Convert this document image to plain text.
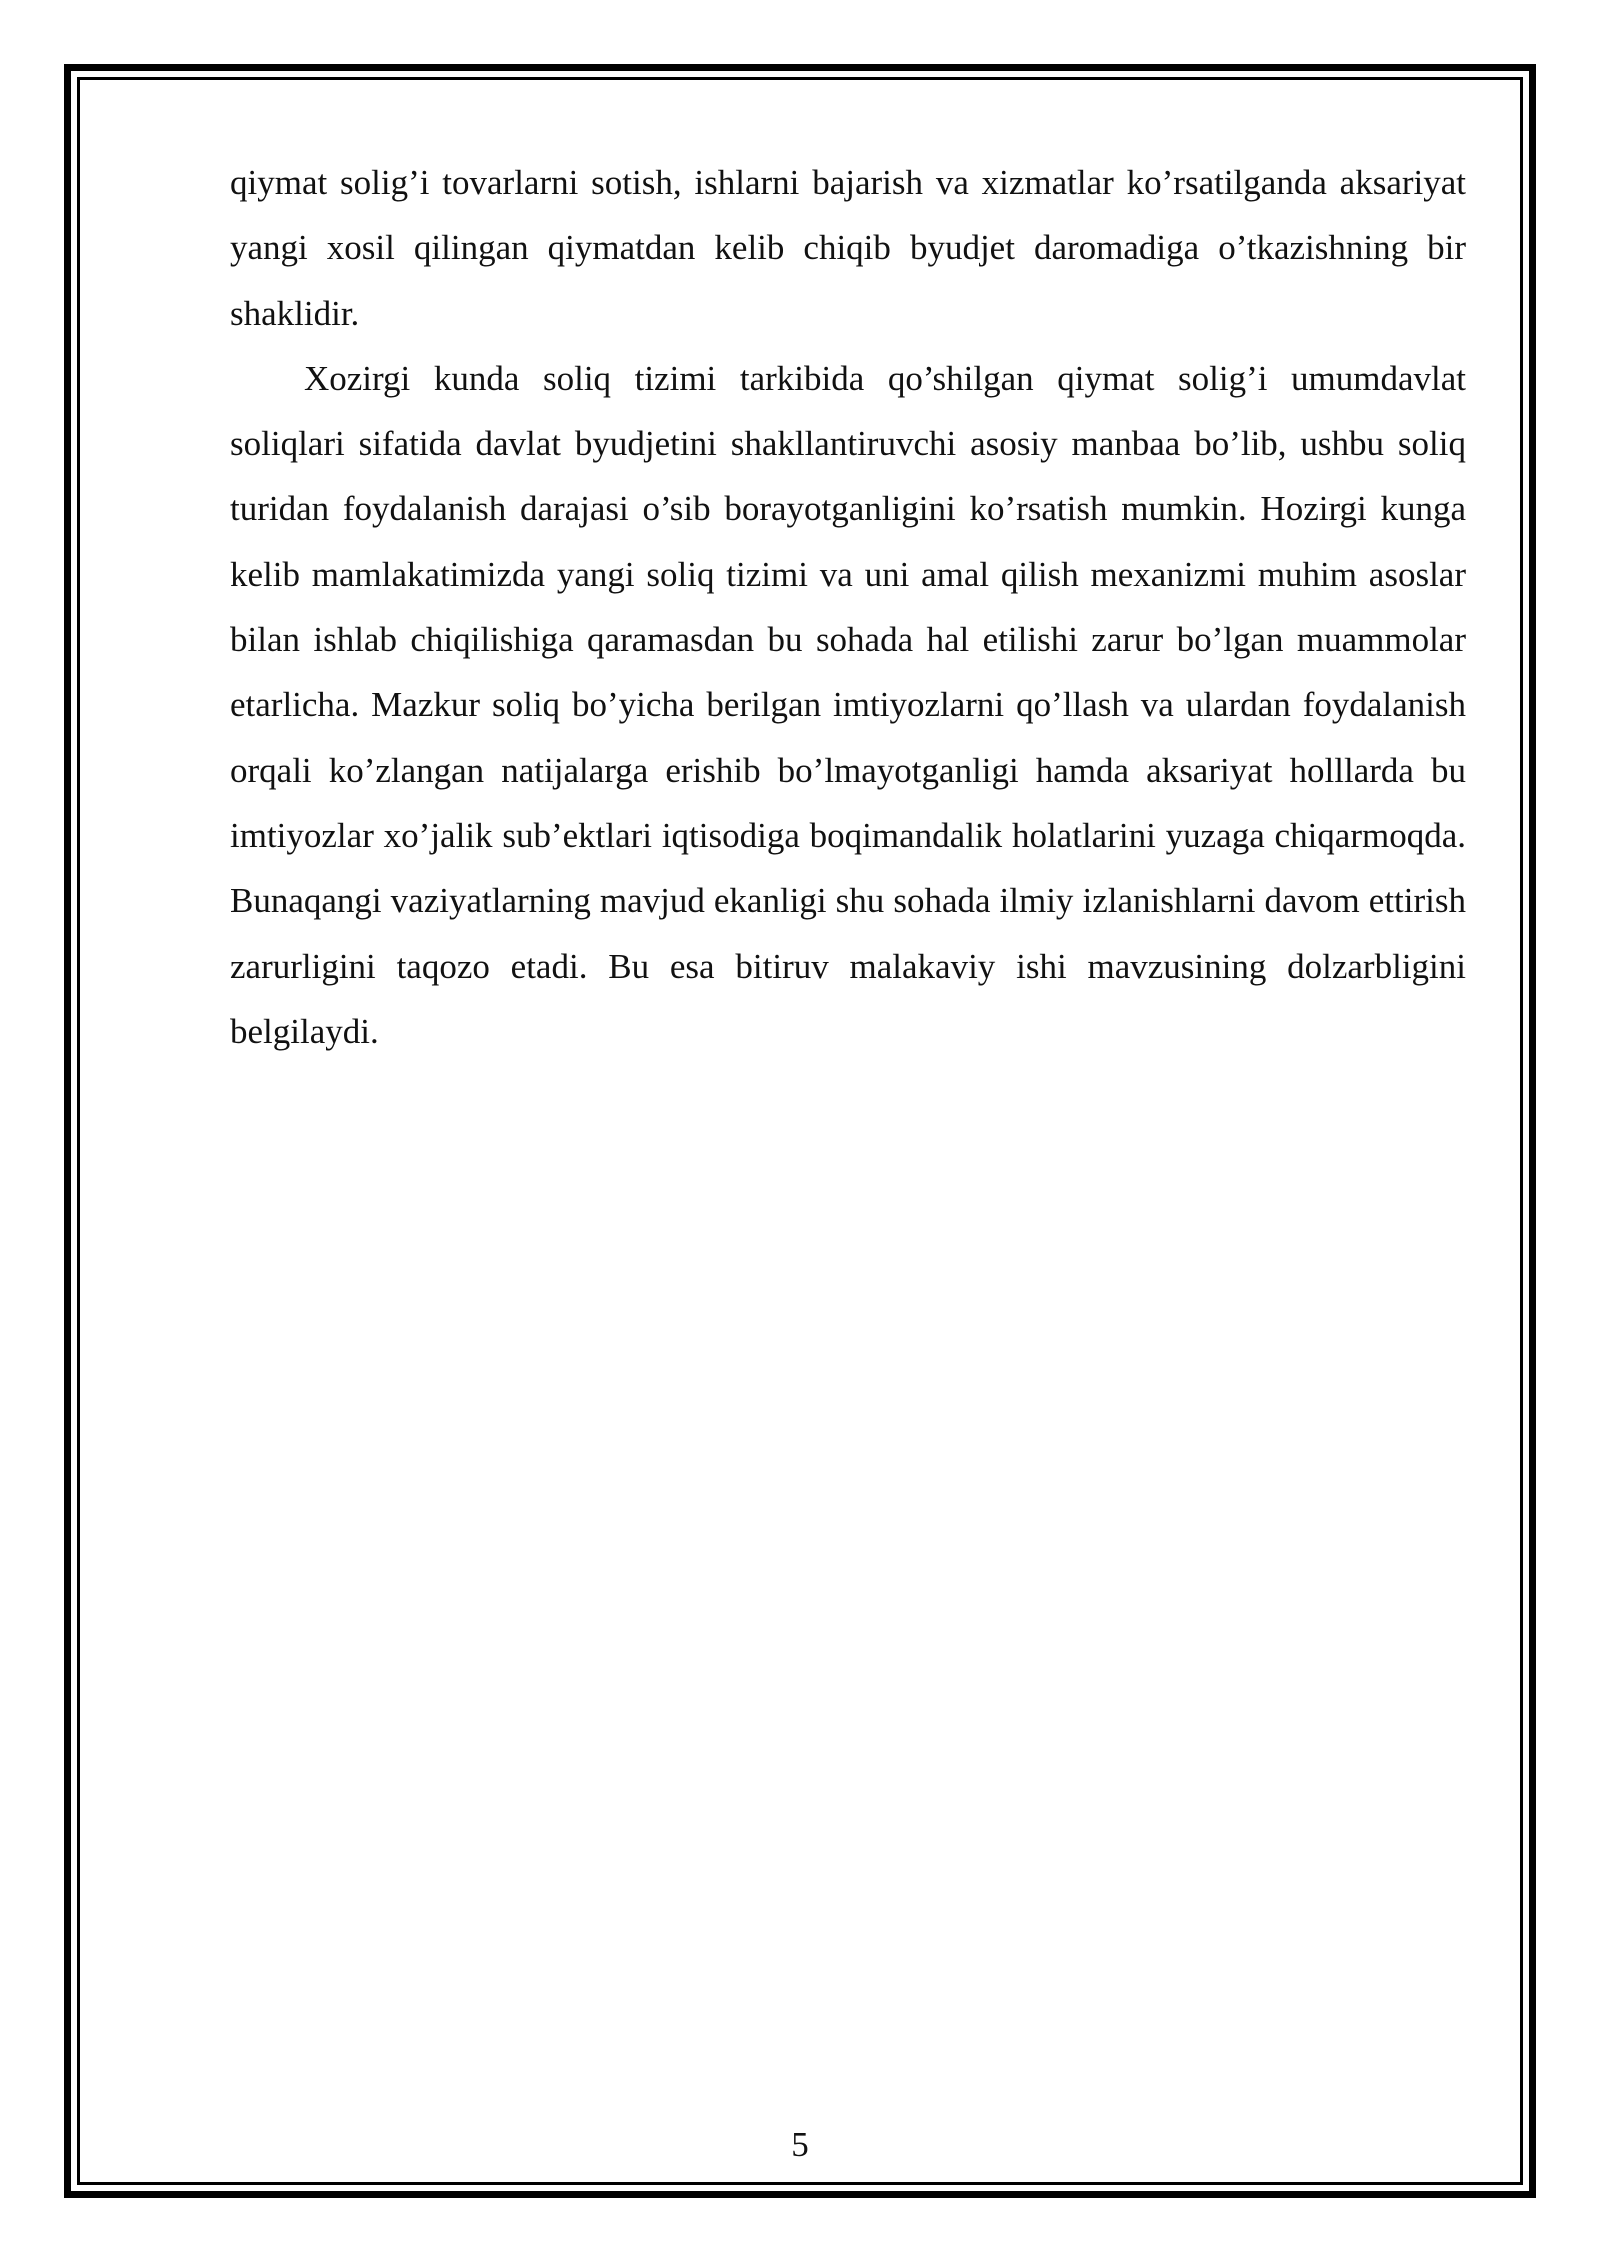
qiymat solig’i tovarlarni sotish, ishlarni bajarish va xizmatlar ko’rsatilganda aksariyat yangi xosil qilingan qiymatdan kelib chiqib byudjet daromadiga o’tkazishning bir shaklidir.

Xozirgi kunda soliq tizimi tarkibida qo’shilgan qiymat solig’i umumdavlat soliqlari sifatida davlat byudjetini shakllantiruvchi asosiy manbaa bo’lib, ushbu soliq turidan foydalanish darajasi o’sib borayotganligini ko’rsatish mumkin. Hozirgi kunga kelib mamlakatimizda yangi soliq tizimi va uni amal qilish mexanizmi muhim asoslar bilan ishlab chiqilishiga qaramasdan bu sohada hal etilishi zarur bo’lgan muammolar etarlicha. Mazkur soliq bo’yicha berilgan imtiyozlarni qo’llash va ulardan foydalanish orqali ko’zlangan natijalarga erishib bo’lmayotganligi hamda aksariyat holllarda bu imtiyozlar xo’jalik sub’ektlari iqtisodiga boqimandalik holatlarini yuzaga chiqarmoqda. Bunaqangi vaziyatlarning mavjud ekanligi shu sohada ilmiy izlanishlarni davom ettirish zarurligini taqozo etadi. Bu esa bitiruv malakaviy ishi mavzusining dolzarbligini belgilaydi.

5
